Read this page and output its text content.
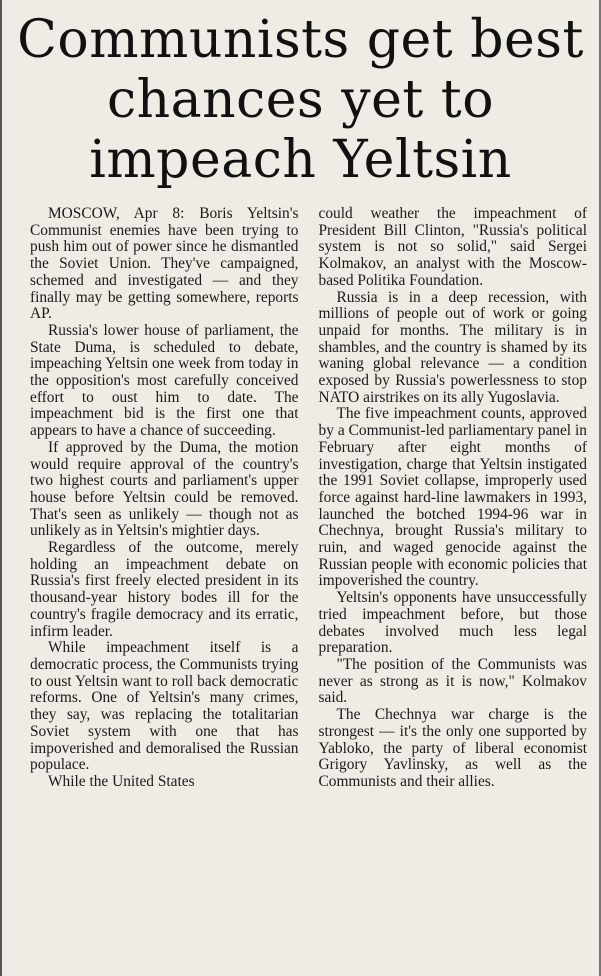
Communists get best
chances yet to
impeach Yeltsin

MOSCOW, Apr 8: Boris Yeltsin's Communist enemies have been trying to push him out of power since he dismantled the Soviet Union. They've campaigned, schemed and investigated — and they finally may be getting somewhere, reports AP.

Russia's lower house of parliament, the State Duma, is scheduled to debate, impeaching Yeltsin one week from today in the opposition's most carefully conceived effort to oust him to date. The impeachment bid is the first one that appears to have a chance of succeeding.

If approved by the Duma, the motion would require approval of the country's two highest courts and parliament's upper house before Yeltsin could be removed. That's seen as unlikely — though not as unlikely as in Yeltsin's mightier days.

Regardless of the outcome, merely holding an impeachment debate on Russia's first freely elected president in its thousand-year history bodes ill for the country's fragile democracy and its erratic, infirm leader.

While impeachment itself is a democratic process, the Communists trying to oust Yeltsin want to roll back democratic reforms. One of Yeltsin's many crimes, they say, was replacing the totalitarian Soviet system with one that has impoverished and demoralised the Russian populace.

While the United States

could weather the impeachment of President Bill Clinton, "Russia's political system is not so solid," said Sergei Kolmakov, an analyst with the Moscow-based Politika Foundation.

Russia is in a deep recession, with millions of people out of work or going unpaid for months. The military is in shambles, and the country is shamed by its waning global relevance — a condition exposed by Russia's powerlessness to stop NATO airstrikes on its ally Yugoslavia.

The five impeachment counts, approved by a Communist-led parliamentary panel in February after eight months of investigation, charge that Yeltsin instigated the 1991 Soviet collapse, improperly used force against hard-line lawmakers in 1993, launched the botched 1994-96 war in Chechnya, brought Russia's military to ruin, and waged genocide against the Russian people with economic policies that impoverished the country.

Yeltsin's opponents have unsuccessfully tried impeachment before, but those debates involved much less legal preparation.

"The position of the Communists was never as strong as it is now," Kolmakov said.

The Chechnya war charge is the strongest — it's the only one supported by Yabloko, the party of liberal economist Grigory Yavlinsky, as well as the Communists and their allies.
